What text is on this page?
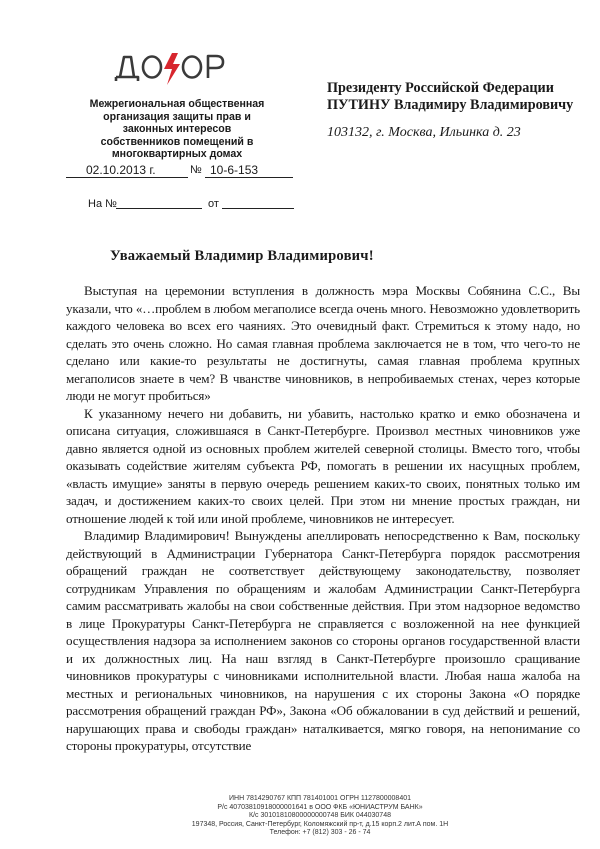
Межрегиональная общественная организация защиты прав и законных интересов собственников помещений в многоквартирных домах
02.10.2013 г.	№ 10-6-153
На №	от
Президенту Российской Федерации
ПУТИНУ Владимиру Владимировичу
103132, г. Москва, Ильинка д. 23
Уважаемый Владимир Владимирович!

Выступая на церемонии вступления в должность мэра Москвы Собянина С.С., Вы указали, что «…проблем в любом мегаполисе всегда очень много. Невозможно удовлетворить каждого человека во всех его чаяниях. Это очевидный факт. Стремиться к этому надо, но сделать это очень сложно. Но самая главная проблема заключается не в том, что чего-то не сделано или какие-то результаты не достигнуты, самая главная проблема крупных мегаполисов знаете в чем? В чванстве чиновников, в непробиваемых стенах, через которые люди не могут пробиться»

К указанному нечего ни добавить, ни убавить, настолько кратко и емко обозначена и описана ситуация, сложившаяся в Санкт-Петербурге. Произвол местных чиновников уже давно является одной из основных проблем жителей северной столицы. Вместо того, чтобы оказывать содействие жителям субъекта РФ, помогать в решении их насущных проблем, «власть имущие» заняты в первую очередь решением каких-то своих, понятных только им задач, и достижением каких-то своих целей. При этом ни мнение простых граждан, ни отношение людей к той или иной проблеме, чиновников не интересует.

Владимир Владимирович! Вынуждены апеллировать непосредственно к Вам, поскольку действующий в Администрации Губернатора Санкт-Петербурга порядок рассмотрения обращений граждан не соответствует действующему законодательству, позволяет сотрудникам Управления по обращениям и жалобам Администрации Санкт-Петербурга самим рассматривать жалобы на свои собственные действия. При этом надзорное ведомство в лице Прокуратуры Санкт-Петербурга не справляется с возложенной на нее функцией осуществления надзора за исполнением законов со стороны органов государственной власти и их должностных лиц. На наш взгляд в Санкт-Петербурге произошло сращивание чиновников прокуратуры с чиновниками исполнительной власти. Любая наша жалоба на местных и региональных чиновников, на нарушения с их стороны Закона «О порядке рассмотрения обращений граждан РФ», Закона «Об обжаловании в суд действий и решений, нарушающих права и свободы граждан» наталкивается, мягко говоря, на непонимание со стороны прокуратуры, отсутствие

ИНН 7814290767 КПП 781401001 ОГРН 1127800008401
Р/с 40703810918000001641 в ООО ФКБ «ЮНИАСТРУМ БАНК»
К/с 30101810800000000748 БИК 044030748
197348, Россия, Санкт-Петербург, Коломяжский пр-т, д.15 корп.2 лит.А пом. 1Н
Телефон: +7 (812) 303 - 26 - 74
